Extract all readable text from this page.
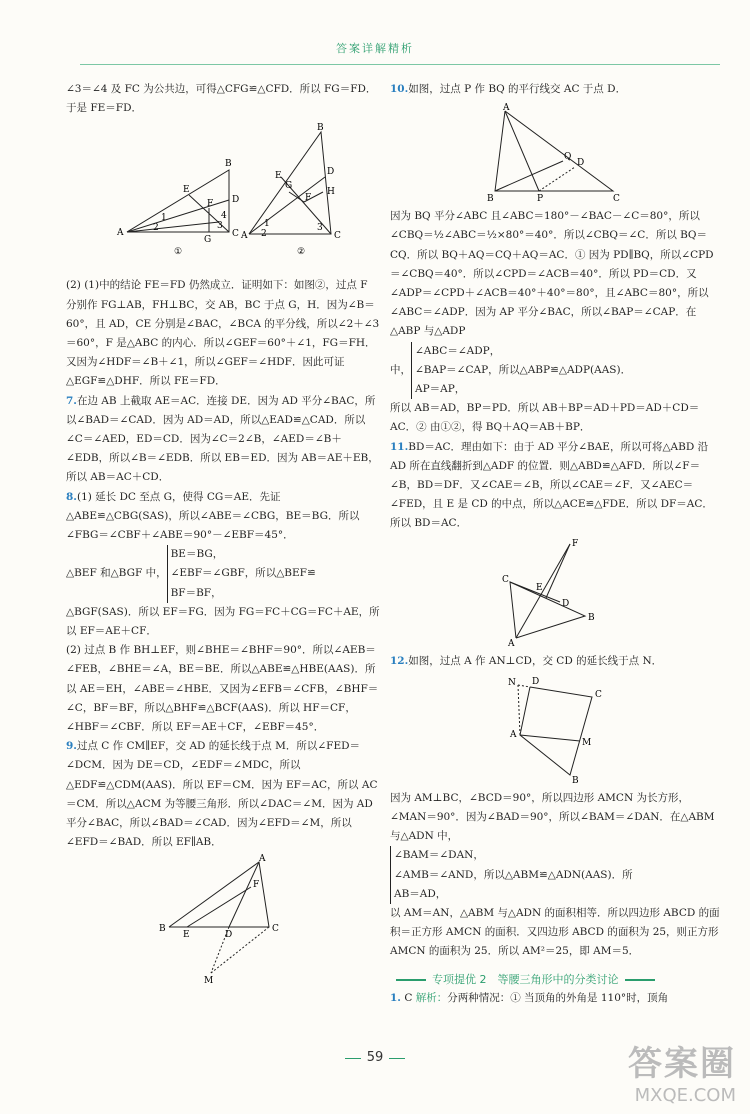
答案详解精析

∠3＝∠4 及 FC 为公共边，可得△CFG≌△CFD．所以 FG＝FD．于是 FE＝FD．

A
B
C
D
E
F
G
1
2	3
4
①
A
B
C
D
E
F
G
H
1
2
3
②

(2) (1)中的结论 FE＝FD 仍然成立．证明如下：如图②，过点 F 分别作 FG⊥AB，FH⊥BC，交 AB，BC 于点 G，H．因为∠B＝60°，且 AD，CE 分别是∠BAC，∠BCA 的平分线，所以∠2＋∠3＝60°，F 是△ABC 的内心．所以∠GEF＝60°＋∠1，FG＝FH．又因为∠HDF＝∠B＋∠1，所以∠GEF＝∠HDF．因此可证△EGF≌△DHF．所以 FE＝FD．

7.在边 AB 上截取 AE＝AC．连接 DE．因为 AD 平分∠BAC，所以∠BAD＝∠CAD．因为 AD＝AD，所以△EAD≌△CAD．所以∠C＝∠AED，ED＝CD．因为∠C＝2∠B，∠AED＝∠B＋∠EDB，所以∠B＝∠EDB．所以 EB＝ED．因为 AB＝AE＋EB，所以 AB＝AC＋CD．

8.(1) 延长 DC 至点 G，使得 CG＝AE．先证△ABE≌△CBG(SAS)，所以∠ABE＝∠CBG，BE＝BG．所以∠FBG＝∠CBF＋∠ABE＝90°－∠EBF＝45°．

△BEF 和△BGF 中，
BE＝BG，
∠EBF＝∠GBF，所以△BEF≌
BF＝BF，

△BGF(SAS)．所以 EF＝FG．因为 FG＝FC＋CG＝FC＋AE，所以 EF＝AE＋CF．

(2) 过点 B 作 BH⊥EF，则∠BHE＝∠BHF＝90°．所以∠AEB＝∠FEB，∠BHE＝∠A，BE＝BE．所以△ABE≌△HBE(AAS)．所以 AE＝EH，∠ABE＝∠HBE．又因为∠EFB＝∠CFB，∠BHF＝∠C，BF＝BF，所以△BHF≌△BCF(AAS)．所以 HF＝CF，∠HBF＝∠CBF．所以 EF＝AE＋CF，∠EBF＝45°．

9.过点 C 作 CM∥EF，交 AD 的延长线于点 M．所以∠FED＝∠DCM．因为 DE＝CD，∠EDF＝∠MDC，所以△EDF≌△CDM(AAS)．所以 EF＝CM．因为 EF＝AC，所以 AC＝CM．所以△ACM 为等腰三角形．所以∠DAC＝∠M．因为 AD 平分∠BAC，所以∠BAD＝∠CAD．因为∠EFD＝∠M，所以∠EFD＝∠BAD．所以 EF∥AB．

A
B	C
D
E
F
M

10.如图，过点 P 作 BQ 的平行线交 AC 于点 D．

A
B	C
P
Q
D

因为 BQ 平分∠ABC 且∠ABC＝180°－∠BAC－∠C＝80°，所以∠CBQ＝½∠ABC＝½×80°＝40°．所以∠CBQ＝∠C．所以 BQ＝CQ．所以 BQ＋AQ＝CQ＋AQ＝AC．① 因为 PD∥BQ，所以∠CPD＝∠CBQ＝40°．所以∠CPD＝∠ACB＝40°．所以 PD＝CD．又∠ADP＝∠CPD＋∠ACB＝40°＋40°＝80°，且∠ABC＝80°，所以∠ABC＝∠ADP．因为 AP 平分∠BAC，所以∠BAP＝∠CAP．在△ABP 与△ADP

中，
∠ABC＝∠ADP，
∠BAP＝∠CAP，所以△ABP≌△ADP(AAS)．
AP＝AP，

所以 AB＝AD，BP＝PD．所以 AB＋BP＝AD＋PD＝AD＋CD＝AC．② 由①②，得 BQ＋AQ＝AB＋BP．

11.BD＝AC．理由如下：由于 AD 平分∠BAE，所以可将△ABD 沿 AD 所在直线翻折到△ADF 的位置．则△ABD≌△AFD．所以∠F＝∠B，BD＝DF．又∠CAE＝∠B，所以∠CAE＝∠F．又∠AEC＝∠FED，且 E 是 CD 的中点，所以△ACE≌△FDE．所以 DF＝AC．所以 BD＝AC．

A
B
C
D
E
F

12.如图，过点 A 作 AN⊥CD，交 CD 的延长线于点 N．

A
B
C
D
M
N

因为 AM⊥BC，∠BCD＝90°，所以四边形 AMCN 为长方形，∠MAN＝90°．因为∠BAD＝90°，所以∠BAM＝∠DAN．在△ABM 与△ADN 中，

∠BAM＝∠DAN，
∠AMB＝∠AND，所以△ABM≌△ADN(AAS)．所
AB＝AD，

以 AM＝AN，△ABM 与△ADN 的面积相等．所以四边形 ABCD 的面积＝正方形 AMCN 的面积．又四边形 ABCD 的面积为 25，则正方形 AMCN 的面积为 25．所以 AM²＝25，即 AM＝5．

专项提优 2　等腰三角形中的分类讨论

1. C 解析：分两种情况：① 当顶角的外角是 110°时，顶角

59	答案圈
MXQE.COM
